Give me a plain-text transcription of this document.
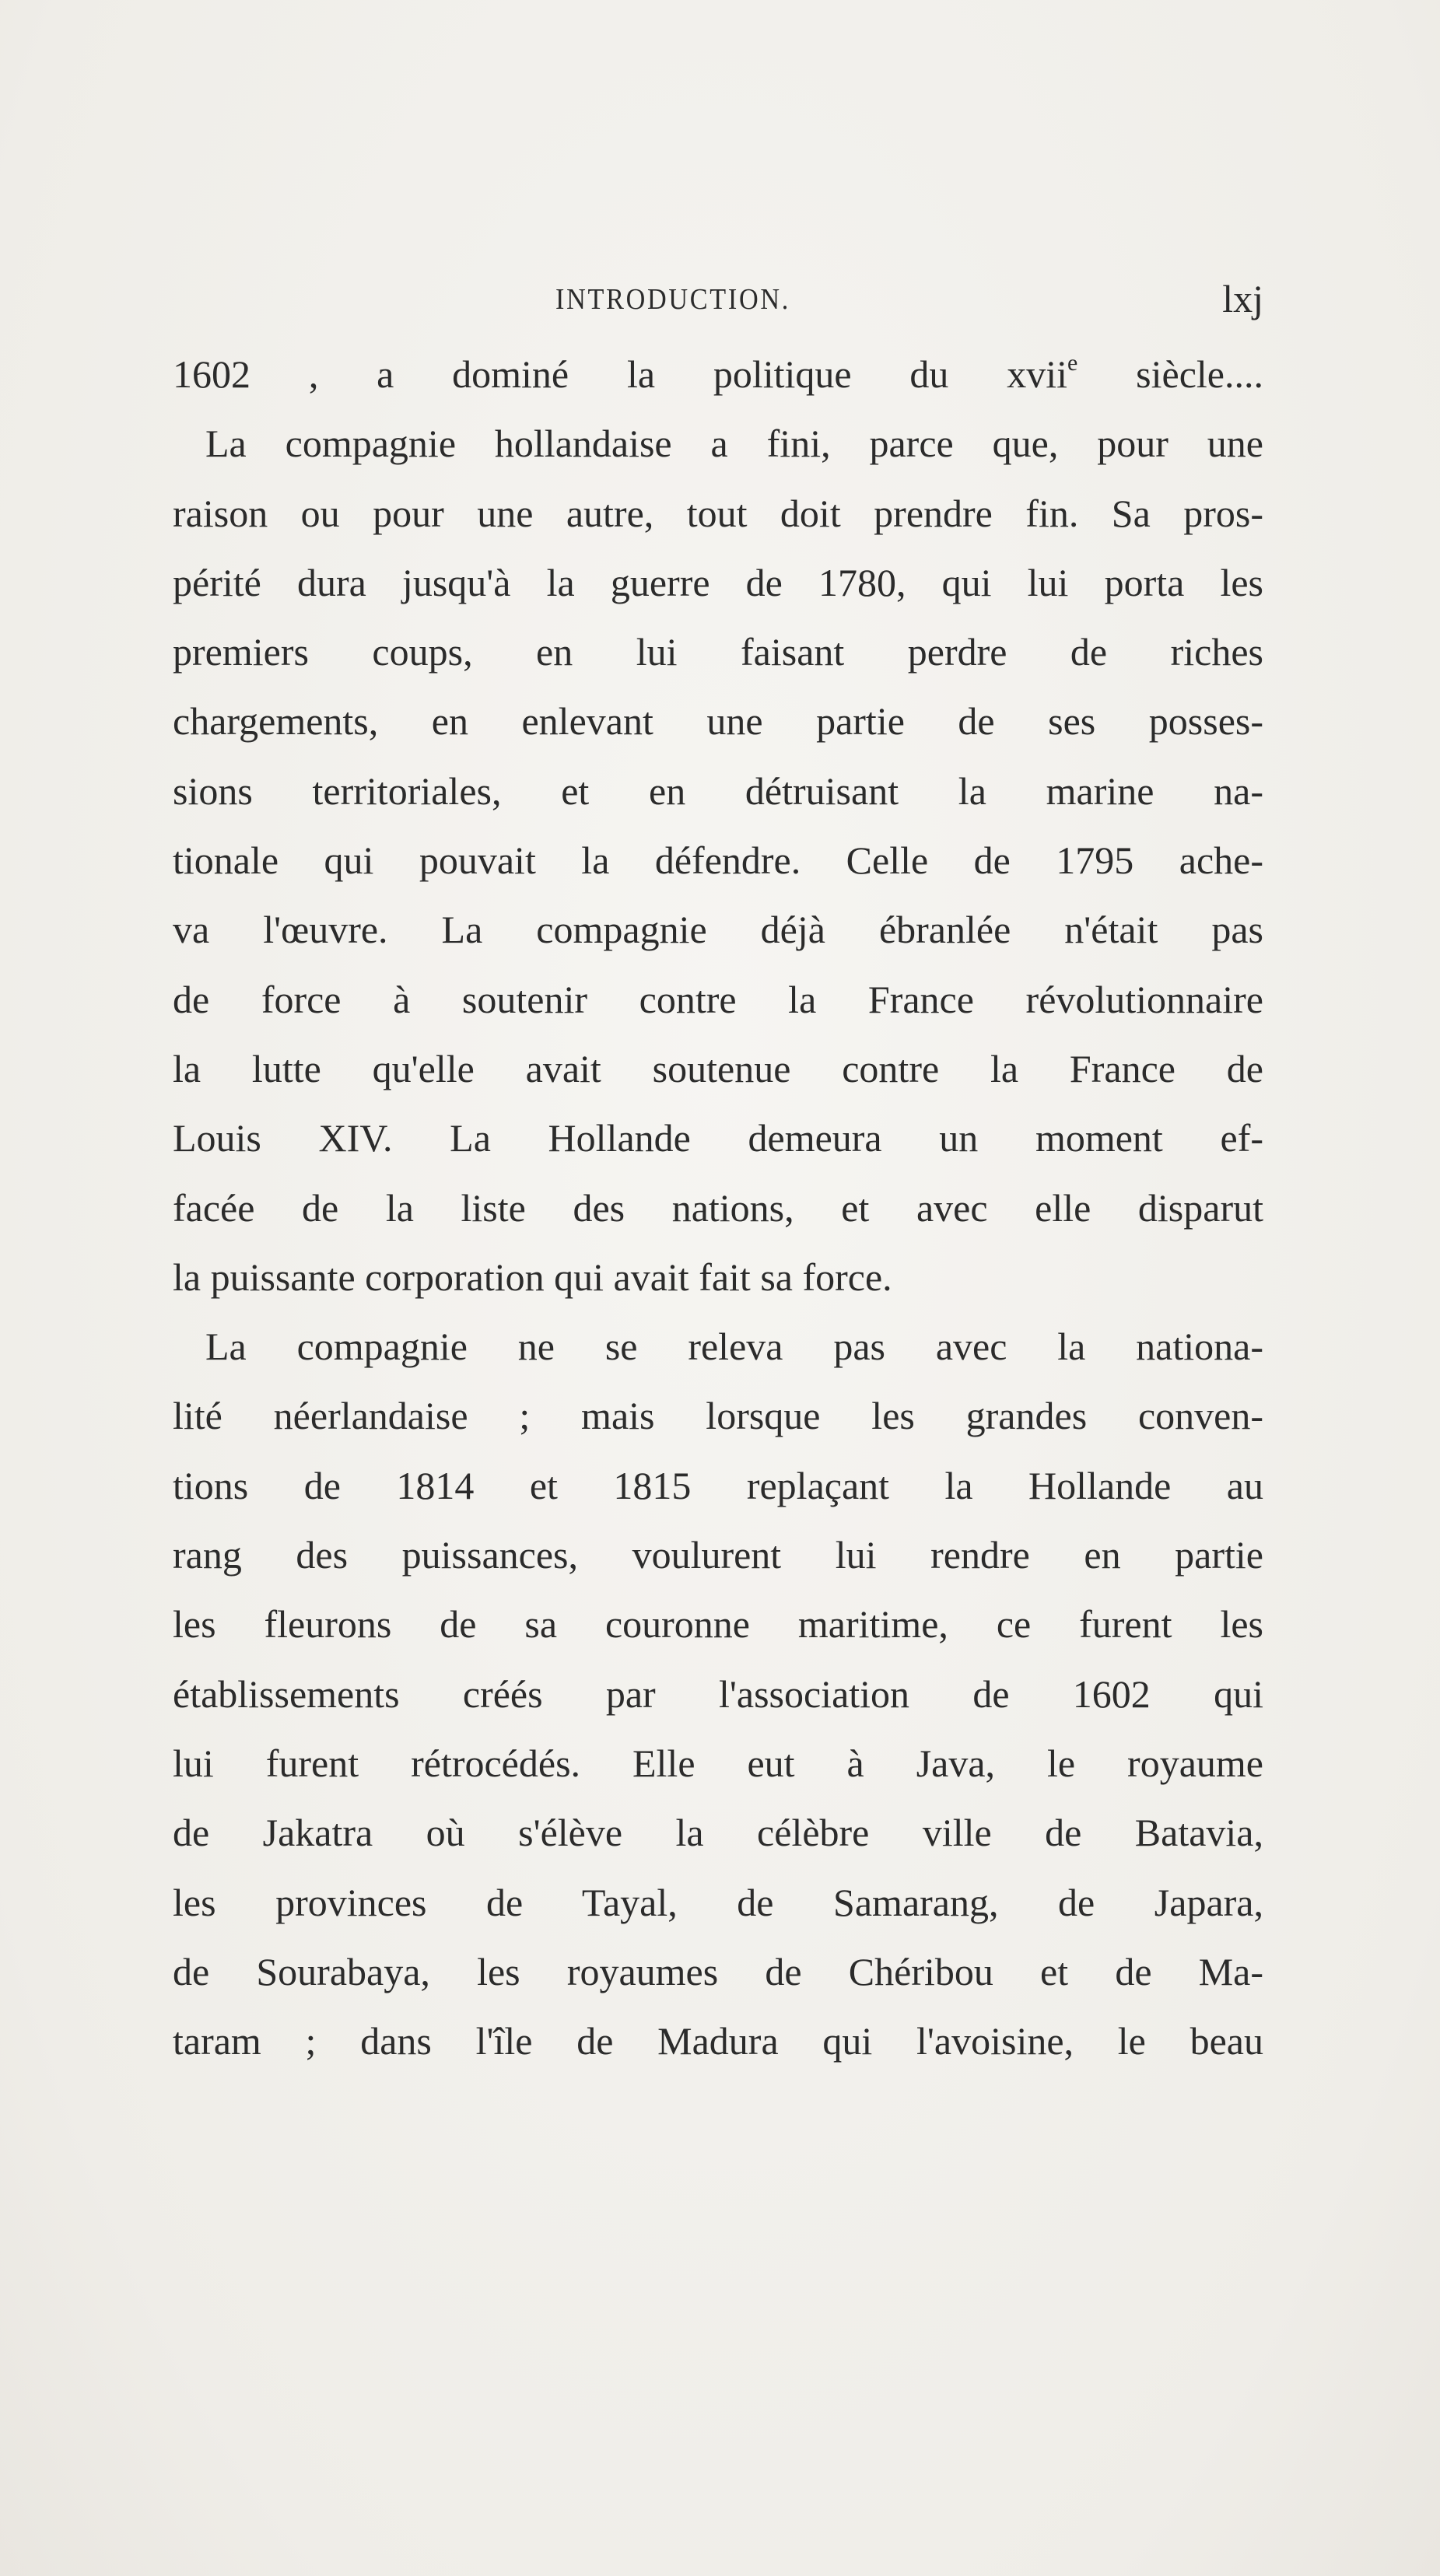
INTRODUCTION.	lxj
1602 , a dominé la politique du xvii$^e$ siècle....
La compagnie hollandaise a fini, parce que, pour une
raison ou pour une autre, tout doit prendre fin. Sa pros-
périté dura jusqu'à la guerre de 1780, qui lui porta les
premiers coups, en lui faisant perdre de riches
chargements, en enlevant une partie de ses posses-
sions territoriales, et en détruisant la marine na-
tionale qui pouvait la défendre. Celle de 1795 ache-
va l'œuvre. La compagnie déjà ébranlée n'était pas
de force à soutenir contre la France révolutionnaire
la lutte qu'elle avait soutenue contre la France de
Louis XIV. La Hollande demeura un moment ef-
facée de la liste des nations, et avec elle disparut
la puissante corporation qui avait fait sa force.
La compagnie ne se releva pas avec la nationa-
lité néerlandaise ; mais lorsque les grandes conven-
tions de 1814 et 1815 replaçant la Hollande au
rang des puissances, voulurent lui rendre en partie
les fleurons de sa couronne maritime, ce furent les
établissements créés par l'association de 1602 qui
lui furent rétrocédés. Elle eut à Java, le royaume
de Jakatra où s'élève la célèbre ville de Batavia,
les provinces de Tayal, de Samarang, de Japara,
de Sourabaya, les royaumes de Chéribou et de Ma-
taram ; dans l'île de Madura qui l'avoisine, le beau
